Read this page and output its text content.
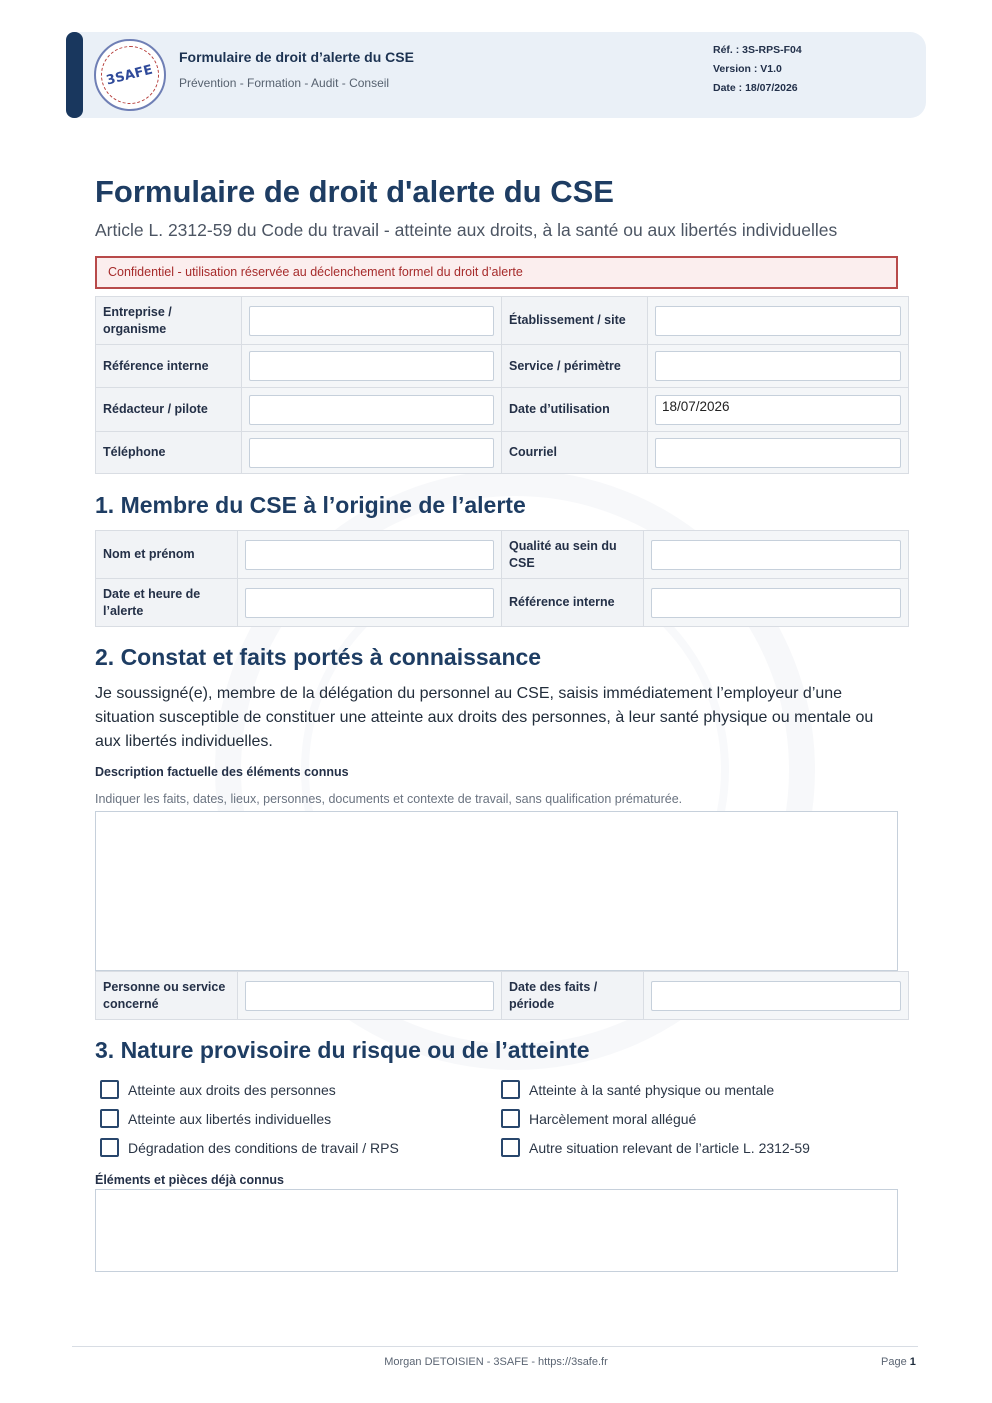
3SAFE
Formulaire de droit d’alerte du CSE
Prévention - Formation - Audit - Conseil
Réf. : 3S-RPS-F04
Version : V1.0
Date : 18/07/2026
Formulaire de droit d'alerte du CSE
Article L. 2312-59 du Code du travail - atteinte aux droits, à la santé ou aux libertés individuelles
Confidentiel - utilisation réservée au déclenchement formel du droit d’alerte
Entreprise / organisme		Établissement / site	
Référence interne		Service / périmètre	
Rédacteur / pilote		Date d’utilisation	18/07/2026

Téléphone		Courriel	
1. Membre du CSE à l’origine de l’alerte
Nom et prénom		Qualité au sein du CSE	
Date et heure de l’alerte		Référence interne	
2. Constat et faits portés à connaissance
Je soussigné(e), membre de la délégation du personnel au CSE, saisis immédiatement l’employeur d’une situation susceptible de constituer une atteinte aux droits des personnes, à leur santé physique ou mentale ou aux libertés individuelles.
Description factuelle des éléments connus
Indiquer les faits, dates, lieux, personnes, documents et contexte de travail, sans qualification prématurée.
Personne ou service concerné		Date des faits / période	
3. Nature provisoire du risque ou de l’atteinte
Atteinte aux droits des personnes	Atteinte à la santé physique ou mentale
Atteinte aux libertés individuelles	Harcèlement moral allégué
Dégradation des conditions de travail / RPS	Autre situation relevant de l’article L. 2312-59
Éléments et pièces déjà connus
Morgan DETOISIEN - 3SAFE - https://3safe.fr	Page 1
